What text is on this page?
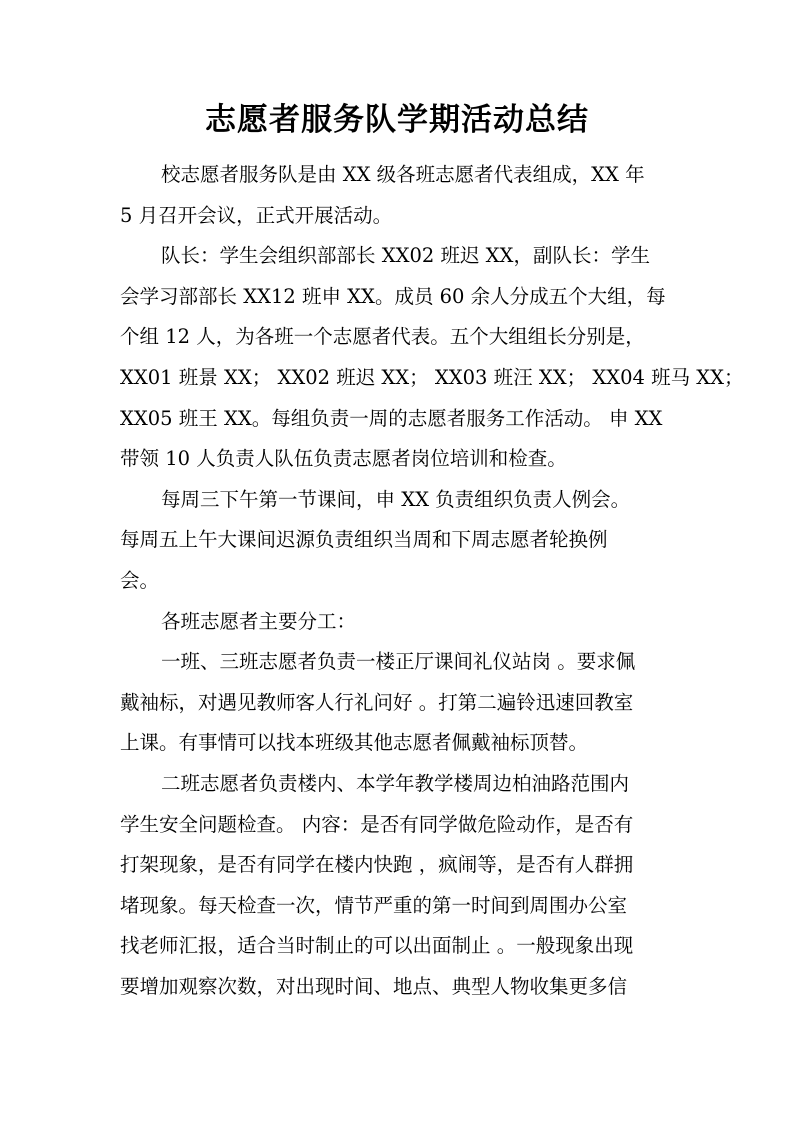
志愿者服务队学期活动总结
校志愿者服务队是由 XX 级各班志愿者代表组成，XX 年
5 月召开会议，正式开展活动。
队长：学生会组织部部长 XX02 班迟 XX，副队长：学生
会学习部部长 XX12 班申 XX。成员 60 余人分成五个大组，每
个组 12 人，为各班一个志愿者代表。五个大组组长分别是，
XX01 班景 XX； XX02 班迟 XX； XX03 班汪 XX； XX04 班马 XX；
XX05 班王 XX。每组负责一周的志愿者服务工作活动。 申 XX
带领 10 人负责人队伍负责志愿者岗位培训和检查。
每周三下午第一节课间，申 XX 负责组织负责人例会。
每周五上午大课间迟源负责组织当周和下周志愿者轮换例
会。
各班志愿者主要分工：
一班、三班志愿者负责一楼正厅课间礼仪站岗 。要求佩
戴袖标，对遇见教师客人行礼问好 。打第二遍铃迅速回教室
上课。有事情可以找本班级其他志愿者佩戴袖标顶替。
二班志愿者负责楼内、本学年教学楼周边柏油路范围内
学生安全问题检查。 内容：是否有同学做危险动作，是否有
打架现象，是否有同学在楼内快跑 ，疯闹等，是否有人群拥
堵现象。每天检查一次，情节严重的第一时间到周围办公室
找老师汇报，适合当时制止的可以出面制止 。一般现象出现
要增加观察次数，对出现时间、地点、典型人物收集更多信
